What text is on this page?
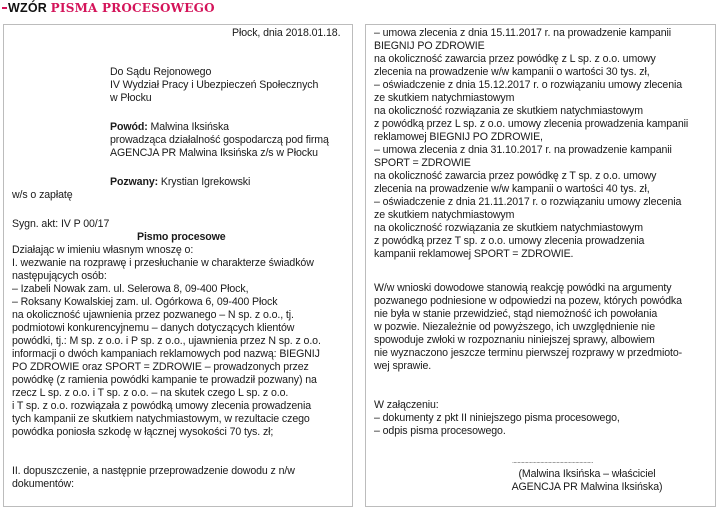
WZÓR PISMA PROCESOWEGO
Płock, dnia 2018.01.18.
Do Sądu Rejonowego
IV Wydział Pracy i Ubezpieczeń Społecznych
w Płocku
Powód: Malwina Iksińska
prowadząca działalność gospodarczą pod firmą
AGENCJA PR Malwina Iksińska z/s w Płocku
Pozwany: Krystian Igrekowski
w/s o zapłatę
Sygn. akt: IV P 00/17
Pismo procesowe
Działając w imieniu własnym wnoszę o:
I. wezwanie na rozprawę i przesłuchanie w charakterze świadków
następujących osób:
– Izabeli Nowak zam. ul. Selerowa 8, 09-400 Płock,
– Roksany Kowalskiej zam. ul. Ogórkowa 6, 09-400 Płock
na okoliczność ujawnienia przez pozwanego – N sp. z o.o., tj.
podmiotowi konkurencyjnemu – danych dotyczących klientów
powódki, tj.: M sp. z o.o. i P sp. z o.o., ujawnienia przez N sp. z o.o.
informacji o dwóch kampaniach reklamowych pod nazwą: BIEGNIJ
PO ZDROWIE oraz SPORT = ZDROWIE – prowadzonych przez
powódkę (z ramienia powódki kampanie te prowadził pozwany) na
rzecz L sp. z o.o. i T sp. z o.o. – na skutek czego L sp. z o.o.
i T sp. z o.o. rozwiązała z powódką umowy zlecenia prowadzenia
tych kampanii ze skutkiem natychmiastowym, w rezultacie czego
powódka poniosła szkodę w łącznej wysokości 70 tys. zł;
II. dopuszczenie, a następnie przeprowadzenie dowodu z n/w
dokumentów:
– umowa zlecenia z dnia 15.11.2017 r. na prowadzenie kampanii
BIEGNIJ PO ZDROWIE
na okoliczność zawarcia przez powódkę z L sp. z o.o. umowy
zlecenia na prowadzenie w/w kampanii o wartości 30 tys. zł,
– oświadczenie z dnia 15.12.2017 r. o rozwiązaniu umowy zlecenia
ze skutkiem natychmiastowym
na okoliczność rozwiązania ze skutkiem natychmiastowym
z powódką przez L sp. z o.o. umowy zlecenia prowadzenia kampanii
reklamowej BIEGNIJ PO ZDROWIE,
– umowa zlecenia z dnia 31.10.2017 r. na prowadzenie kampanii
SPORT = ZDROWIE
na okoliczność zawarcia przez powódkę z T sp. z o.o. umowy
zlecenia na prowadzenie w/w kampanii o wartości 40 tys. zł,
– oświadczenie z dnia 21.11.2017 r. o rozwiązaniu umowy zlecenia
ze skutkiem natychmiastowym
na okoliczność rozwiązania ze skutkiem natychmiastowym
z powódką przez T sp. z o.o. umowy zlecenia prowadzenia
kampanii reklamowej SPORT = ZDROWIE.
W/w wnioski dowodowe stanowią reakcję powódki na argumenty
pozwanego podniesione w odpowiedzi na pozew, których powódka
nie była w stanie przewidzieć, stąd niemożność ich powołania
w pozwie. Niezależnie od powyższego, ich uwzględnienie nie
spowoduje zwłoki w rozpoznaniu niniejszej sprawy, albowiem
nie wyznaczono jeszcze terminu pierwszej rozprawy w przedmioto-
wej sprawie.
W załączeniu:
– dokumenty z pkt II niniejszego pisma procesowego,
– odpis pisma procesowego.
............................................................
(Malwina Iksińska – właściciel
AGENCJA PR Malwina Iksińska)
